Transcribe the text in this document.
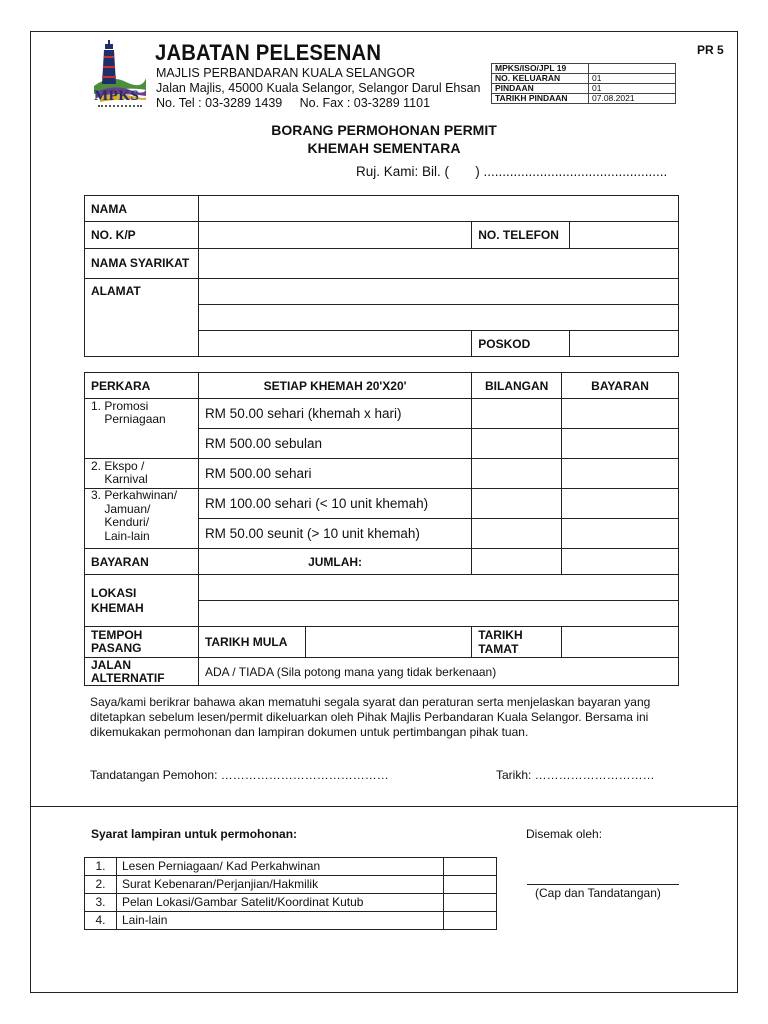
MPKS
JABATAN PELESENAN
MAJLIS PERBANDARAN KUALA SELANGOR
Jalan Majlis, 45000 Kuala Selangor, Selangor Darul Ehsan
No. Tel : 03-3289 1439     No. Fax : 03-3289 1101
MPKS/ISO/JPL 19	
NO. KELUARAN	01
PINDAAN	01
TARIKH PINDAAN	07.08.2021
PR 5
BORANG PERMOHONAN PERMIT
KHEMAH SEMENTARA
Ruj. Kami: Bil. (       ) .................................................
NAMA			
NO. K/P		NO. TELEFON	
NAMA SYARIKAT			
ALAMAT			

		POSKOD	
PERKARA	SETIAP KHEMAH 20'X20'		BILANGAN	BAYARAN
1. Promosi
Perniagaan	RM 50.00 sehari (khemah x hari)			
	RM 500.00 sebulan			
2. Ekspo /
Karnival	RM 500.00 sehari			
3. Perkahwinan/
Jamuan/
Kenduri/
Lain-lain	RM 100.00 sehari (< 10 unit khemah)			
	RM 50.00 seunit (> 10 unit khemah)			
BAYARAN	JUMLAH:			
LOKASI KHEMAH				

TEMPOH PASANG	TARIKH MULA		TARIKH TAMAT	
JALAN ALTERNATIF	ADA / TIADA (Sila potong mana yang tidak berkenaan)			
Saya/kami berikrar bahawa akan mematuhi segala syarat dan peraturan serta menjelaskan bayaran yang ditetapkan sebelum lesen/permit dikeluarkan oleh Pihak Majlis Perbandaran Kuala Selangor. Bersama ini dikemukakan permohonan dan lampiran dokumen untuk pertimbangan pihak tuan.
Tandatangan Pemohon: ……………………………………	Tarikh: …………………………
Syarat lampiran untuk permohonan:	Disemak oleh:
1.	Lesen Perniagaan/ Kad Perkahwinan	
2.	Surat Kebenaran/Perjanjian/Hakmilik	
3.	Pelan Lokasi/Gambar Satelit/Koordinat Kutub	
4.	Lain-lain	
(Cap dan Tandatangan)
